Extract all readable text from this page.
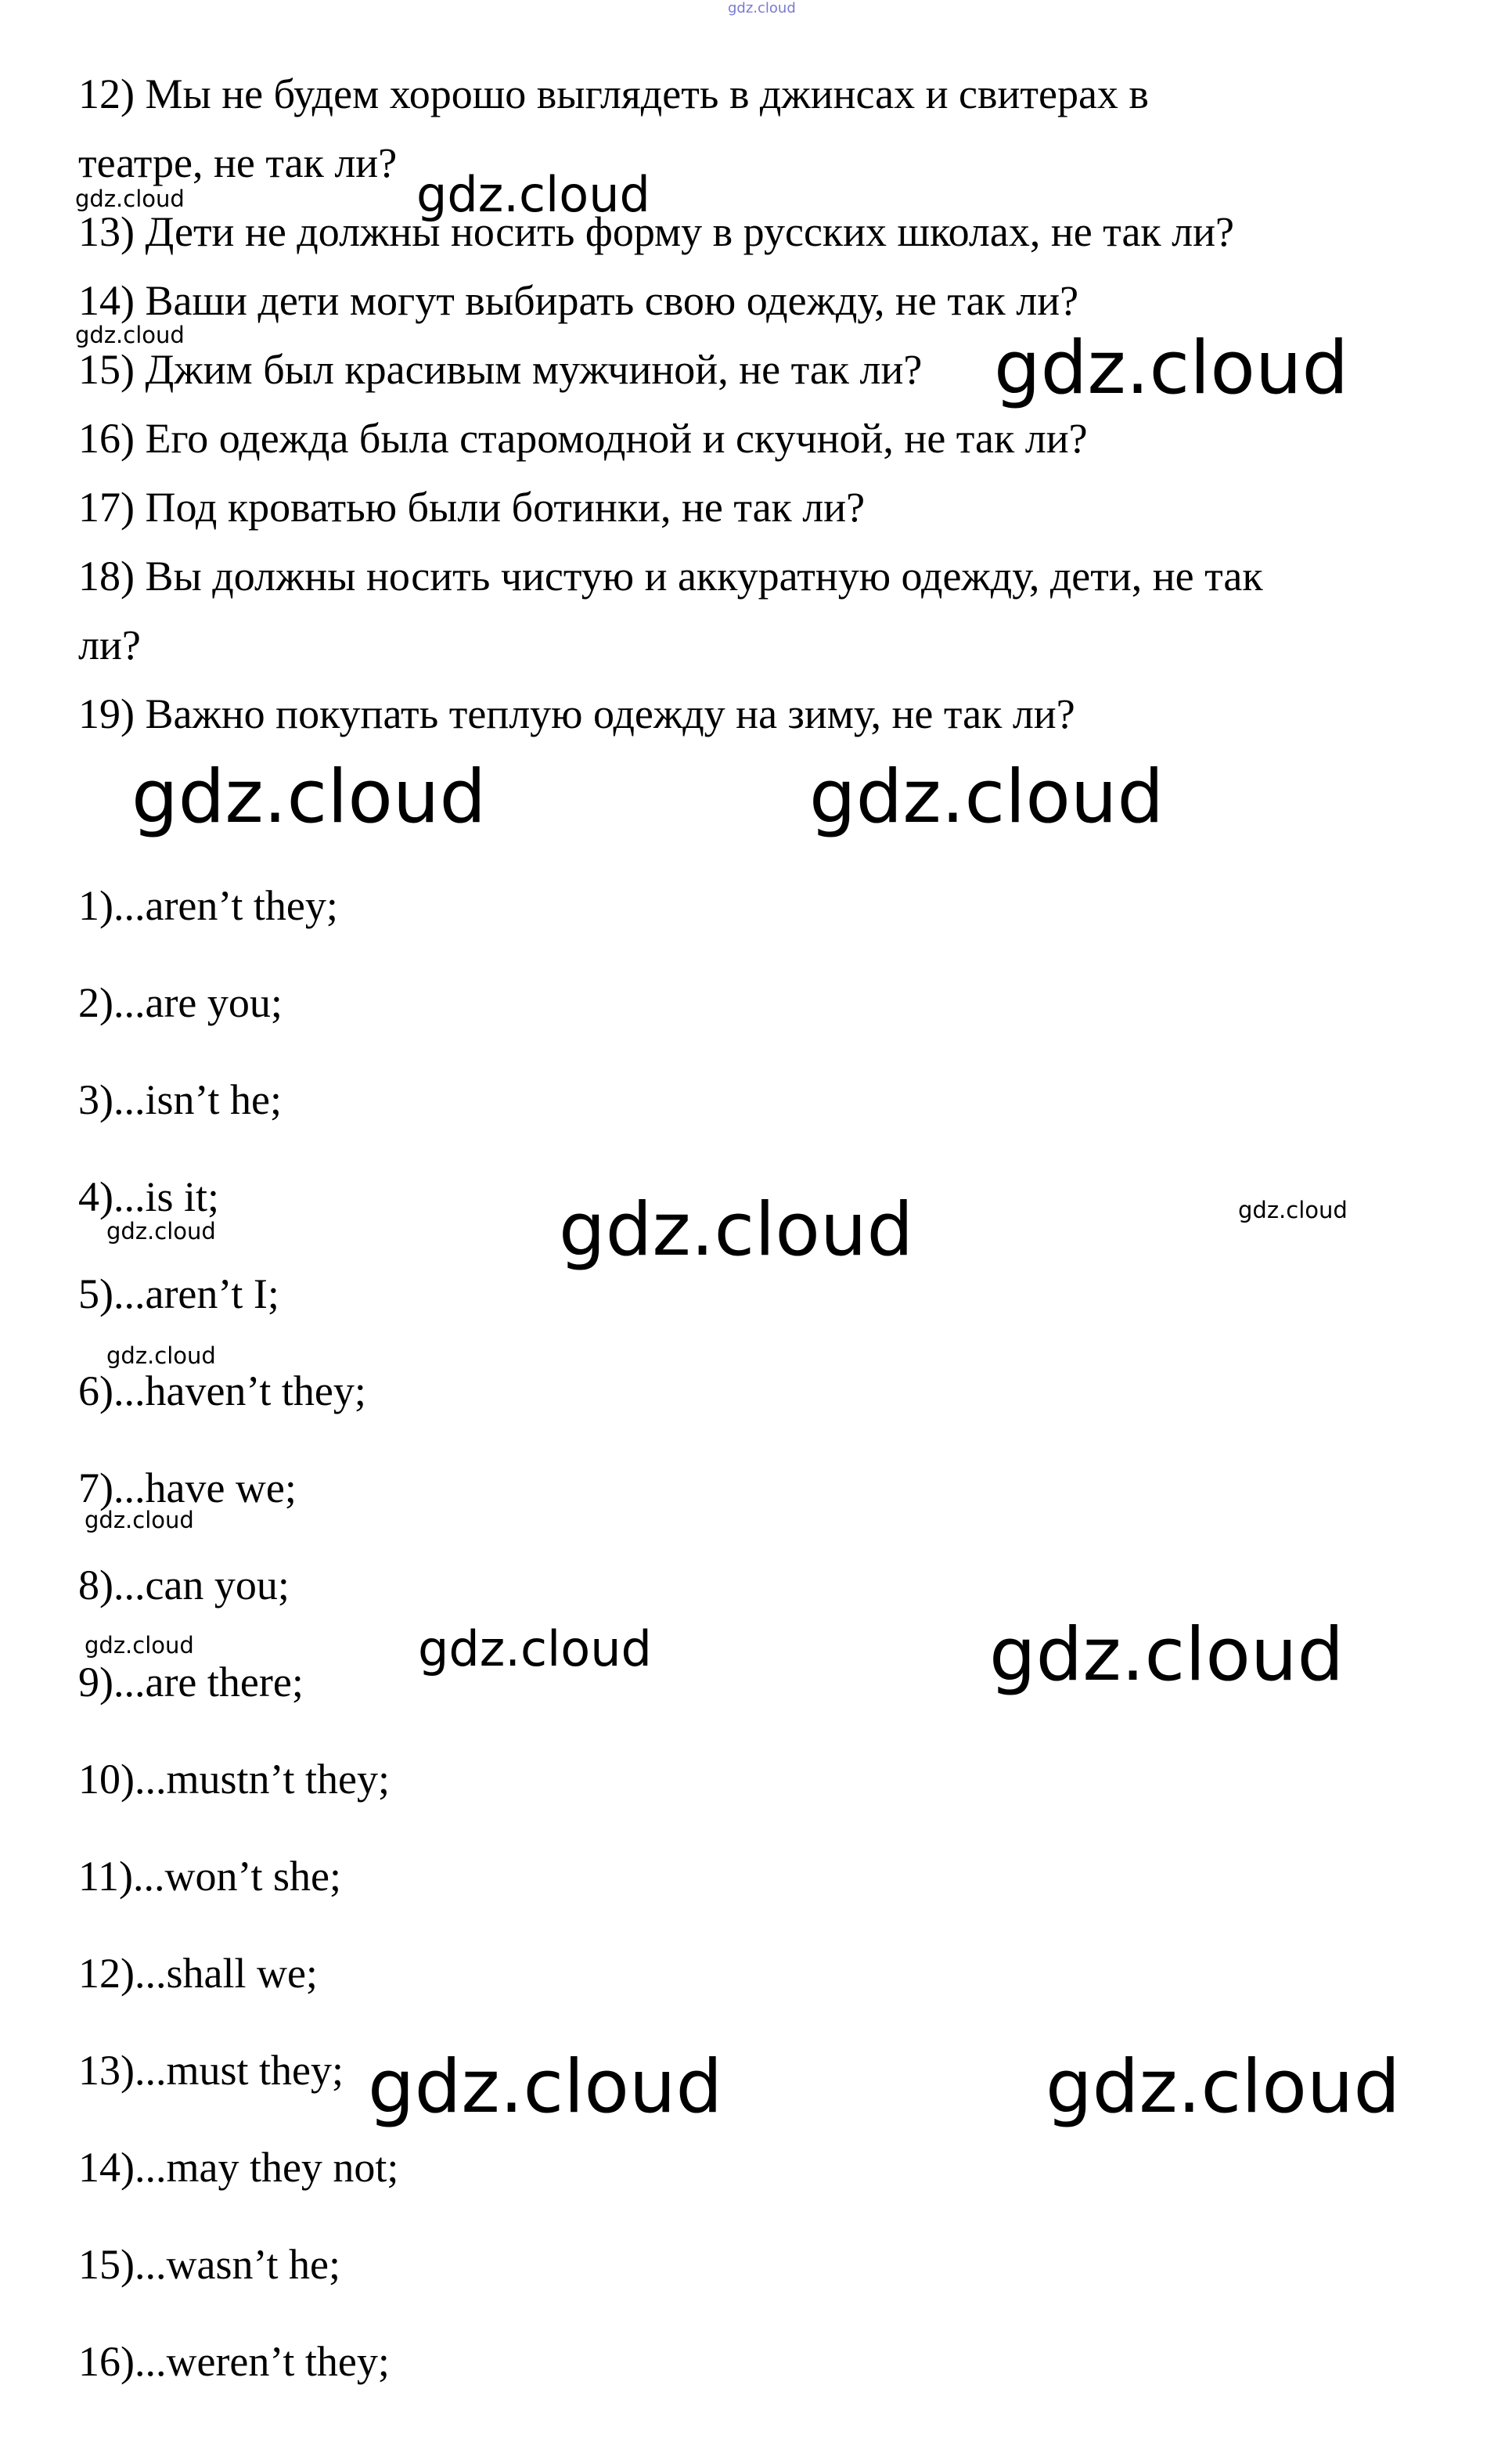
gdz.cloud

12) Мы не будем хорошо выглядеть в джинсах и свитерах в

театре, не так ли?

13) Дети не должны носить форму в русских школах, не так ли?

14) Ваши дети могут выбирать свою одежду, не так ли?

15) Джим был красивым мужчиной, не так ли?

16) Его одежда была старомодной и скучной, не так ли?

17) Под кроватью были ботинки, не так ли?

18) Вы должны носить чистую и аккуратную одежду, дети, не так

ли?

19) Важно покупать теплую одежду на зиму, не так ли?

1)...aren’t they;

2)...are you;

3)...isn’t he;

4)...is it;

5)...aren’t I;

6)...haven’t they;

7)...have we;

8)...can you;

9)...are there;

10)...mustn’t they;

11)...won’t she;

12)...shall we;

13)...must they;

14)...may they not;

15)...wasn’t he;

16)...weren’t they;

gdz.cloud	gdz.cloud
gdz.cloud	gdz.cloud
gdz.cloud	gdz.cloud
gdz.cloud	gdz.cloud
gdz.cloud
gdz.cloud
gdz.cloud
gdz.cloud	gdz.cloud	gdz.cloud
gdz.cloud	gdz.cloud
